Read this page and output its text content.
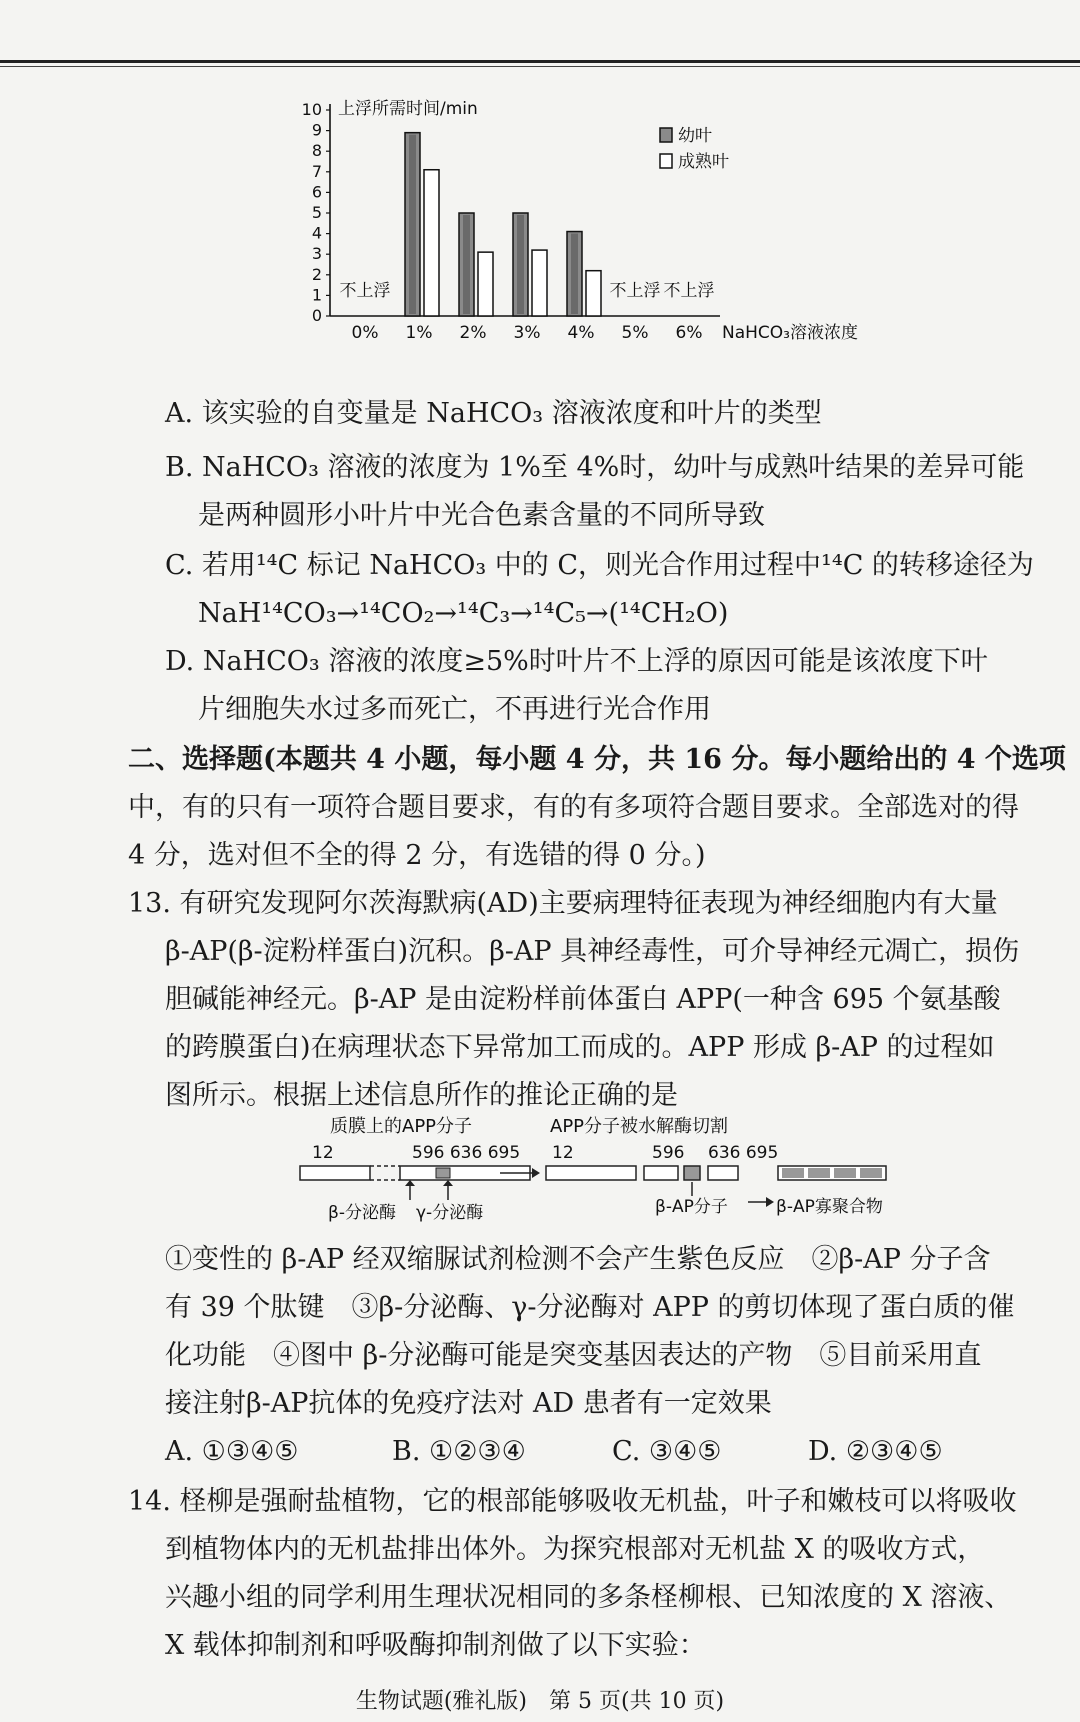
0
1
2
3
4
5
6
7
8
9
10 上浮所需时间/min
0% 1% 2% 3% 4% 5% 6%
不上浮	不上浮 不上浮
NaHCO₃溶液浓度
幼叶
成熟叶
A. 该实验的自变量是 NaHCO₃ 溶液浓度和叶片的类型
B. NaHCO₃ 溶液的浓度为 1%至 4%时，幼叶与成熟叶结果的差异可能
是两种圆形小叶片中光合色素含量的不同所导致
C. 若用¹⁴C 标记 NaHCO₃ 中的 C，则光合作用过程中¹⁴C 的转移途径为
NaH¹⁴CO₃→¹⁴CO₂→¹⁴C₃→¹⁴C₅→(¹⁴CH₂O)
D. NaHCO₃ 溶液的浓度≥5%时叶片不上浮的原因可能是该浓度下叶
片细胞失水过多而死亡，不再进行光合作用
二、选择题(本题共 4 小题，每小题 4 分，共 16 分。每小题给出的 4 个选项
中，有的只有一项符合题目要求，有的有多项符合题目要求。全部选对的得
4 分，选对但不全的得 2 分，有选错的得 0 分。)
13. 有研究发现阿尔茨海默病(AD)主要病理特征表现为神经细胞内有大量
β-AP(β-淀粉样蛋白)沉积。β-AP 具神经毒性，可介导神经元凋亡，损伤
胆碱能神经元。β-AP 是由淀粉样前体蛋白 APP(一种含 695 个氨基酸
的跨膜蛋白)在病理状态下异常加工而成的。APP 形成 β-AP 的过程如
图所示。根据上述信息所作的推论正确的是
质膜上的APP分子	APP分子被水解酶切割
12	596 636 695 12	596 636 695
β-分泌酶 γ-分泌酶	β-AP分子	β-AP寡聚合物
①变性的 β-AP 经双缩脲试剂检测不会产生紫色反应　②β-AP 分子含
有 39 个肽键　③β-分泌酶、γ-分泌酶对 APP 的剪切体现了蛋白质的催
化功能　④图中 β-分泌酶可能是突变基因表达的产物　⑤目前采用直
接注射β-AP抗体的免疫疗法对 AD 患者有一定效果
A. ①③④⑤	B. ①②③④	C. ③④⑤	D. ②③④⑤
14. 柽柳是强耐盐植物，它的根部能够吸收无机盐，叶子和嫩枝可以将吸收
到植物体内的无机盐排出体外。为探究根部对无机盐 X 的吸收方式，
兴趣小组的同学利用生理状况相同的多条柽柳根、已知浓度的 X 溶液、
X 载体抑制剂和呼吸酶抑制剂做了以下实验：
生物试题(雅礼版)　第 5 页(共 10 页)
